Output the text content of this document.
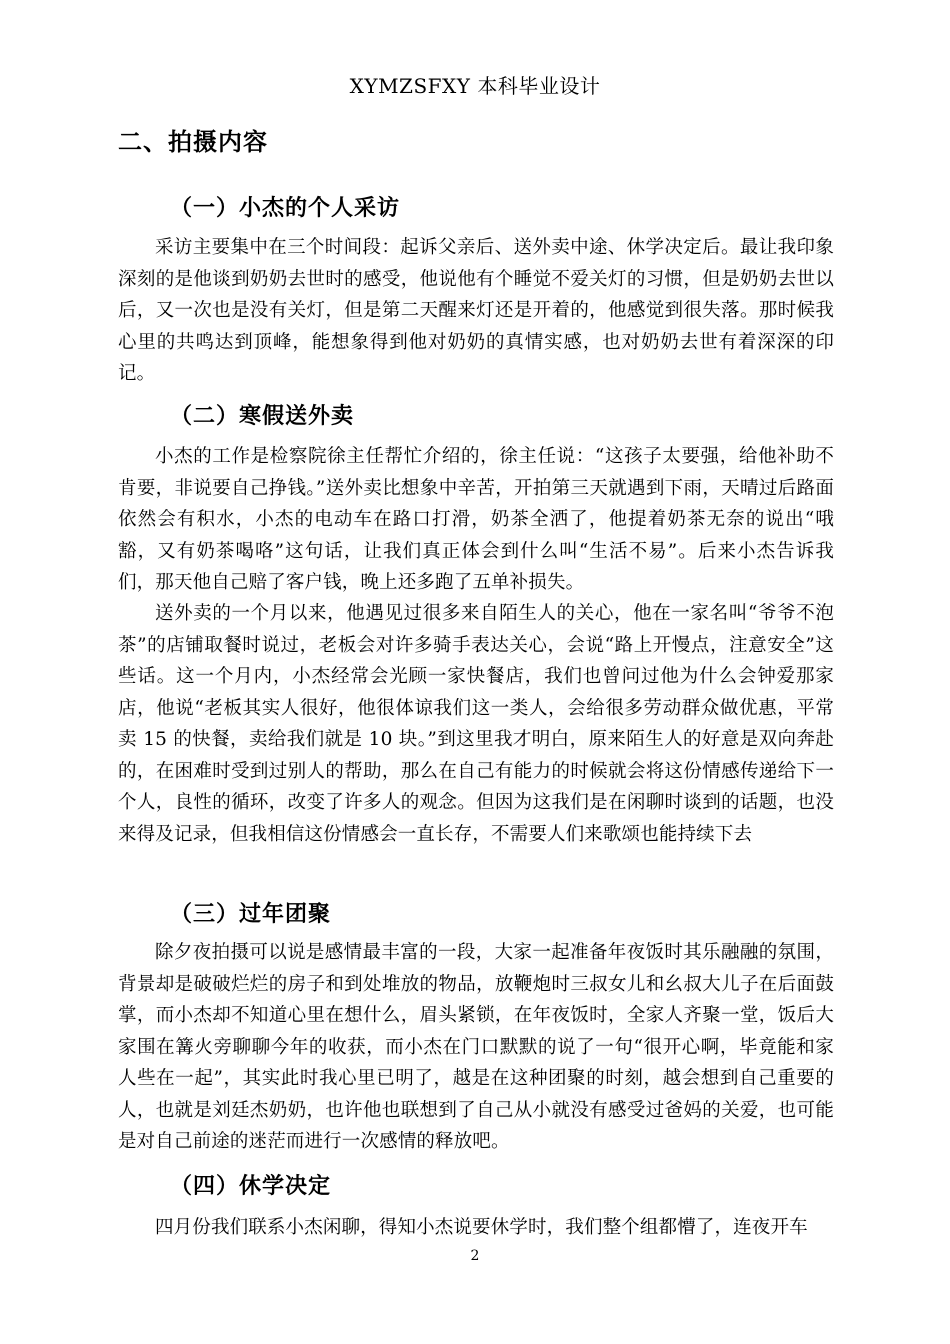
XYMZSFXY 本科毕业设计
二、拍摄内容
（一）小杰的个人采访

采访主要集中在三个时间段：起诉父亲后、送外卖中途、休学决定后。最让我印象深刻的是他谈到奶奶去世时的感受，他说他有个睡觉不爱关灯的习惯，但是奶奶去世以后，又一次也是没有关灯，但是第二天醒来灯还是开着的，他感觉到很失落。那时候我心里的共鸣达到顶峰，能想象得到他对奶奶的真情实感，也对奶奶去世有着深深的印记。

（二）寒假送外卖

小杰的工作是检察院徐主任帮忙介绍的，徐主任说：“这孩子太要强，给他补助不肯要，非说要自己挣钱。”送外卖比想象中辛苦，开拍第三天就遇到下雨，天晴过后路面依然会有积水，小杰的电动车在路口打滑，奶茶全洒了，他提着奶茶无奈的说出“哦豁，又有奶茶喝咯”这句话，让我们真正体会到什么叫“生活不易”。后来小杰告诉我们，那天他自己赔了客户钱，晚上还多跑了五单补损失。

送外卖的一个月以来，他遇见过很多来自陌生人的关心，他在一家名叫“爷爷不泡茶”的店铺取餐时说过，老板会对许多骑手表达关心，会说“路上开慢点，注意安全”这些话。这一个月内，小杰经常会光顾一家快餐店，我们也曾问过他为什么会钟爱那家店，他说“老板其实人很好，他很体谅我们这一类人，会给很多劳动群众做优惠，平常卖 15 的快餐，卖给我们就是 10 块。”到这里我才明白，原来陌生人的好意是双向奔赴的，在困难时受到过别人的帮助，那么在自己有能力的时候就会将这份情感传递给下一个人，良性的循环，改变了许多人的观念。但因为这我们是在闲聊时谈到的话题，也没来得及记录，但我相信这份情感会一直长存，不需要人们来歌颂也能持续下去

（三）过年团聚

除夕夜拍摄可以说是感情最丰富的一段，大家一起准备年夜饭时其乐融融的氛围，背景却是破破烂烂的房子和到处堆放的物品，放鞭炮时三叔女儿和幺叔大儿子在后面鼓掌，而小杰却不知道心里在想什么，眉头紧锁，在年夜饭时，全家人齐聚一堂，饭后大家围在篝火旁聊聊今年的收获，而小杰在门口默默的说了一句“很开心啊，毕竟能和家人些在一起”，其实此时我心里已明了，越是在这种团聚的时刻，越会想到自己重要的人，也就是刘廷杰奶奶，也许他也联想到了自己从小就没有感受过爸妈的关爱，也可能是对自己前途的迷茫而进行一次感情的释放吧。

（四）休学决定

四月份我们联系小杰闲聊，得知小杰说要休学时，我们整个组都懵了，连夜开车

2
